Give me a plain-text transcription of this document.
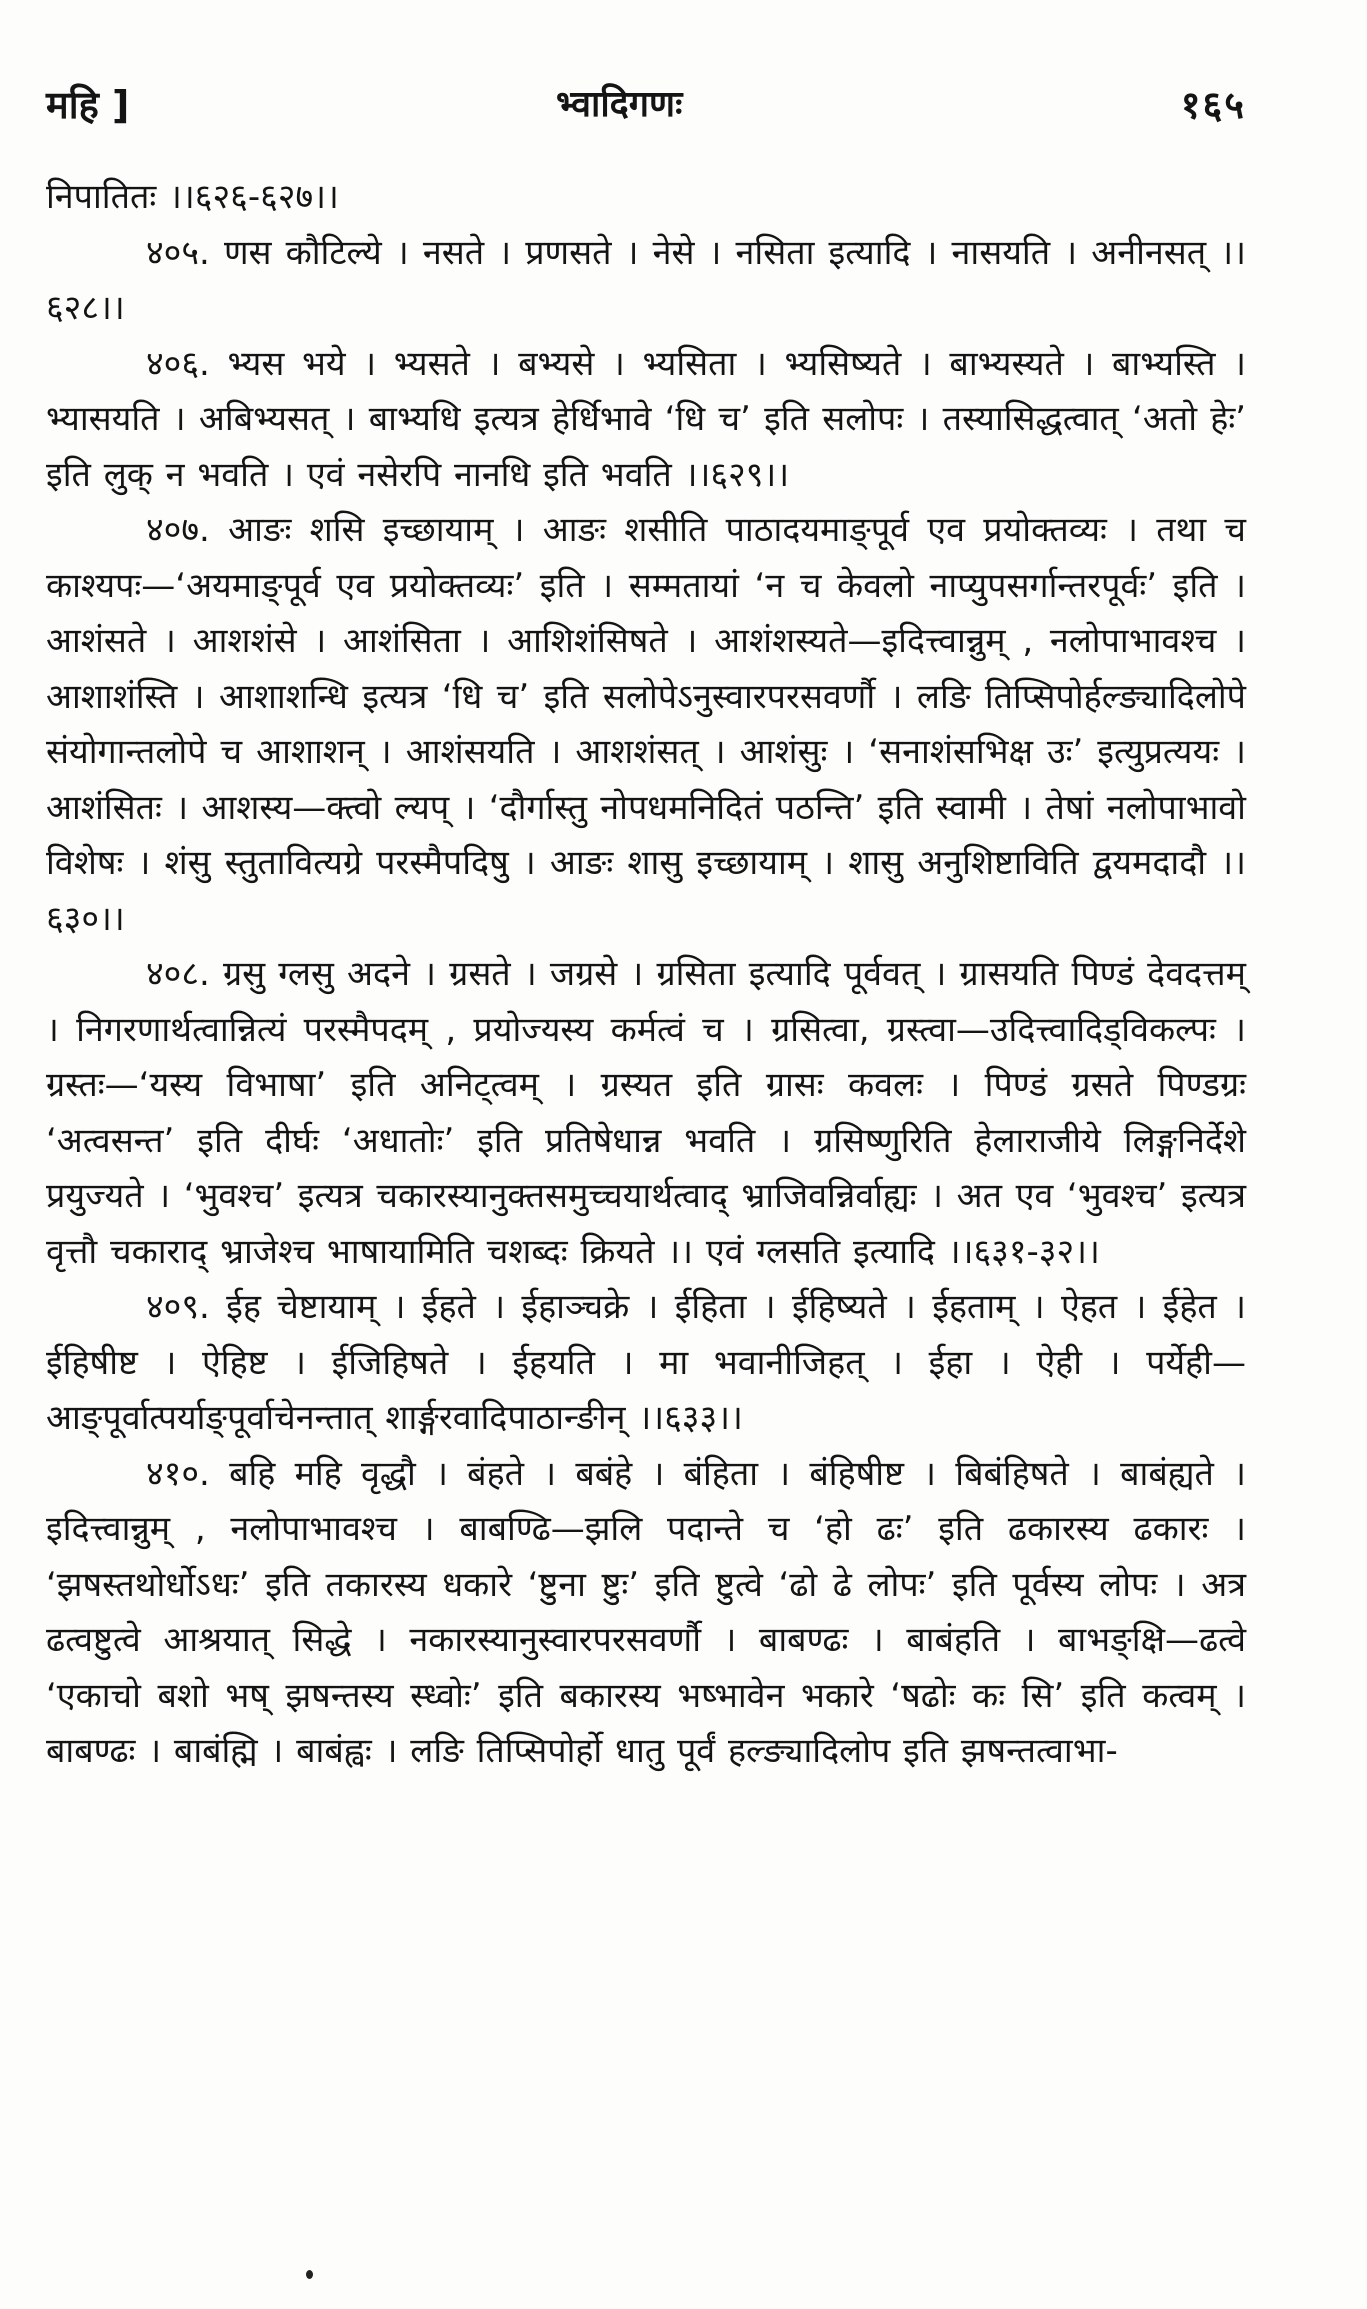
महि ]	भ्वादिगणः	१६५

निपातितः ।।६२६-६२७।।

४०५. णस कौटिल्ये । नसते । प्रणसते । नेसे । नसिता इत्यादि । नासयति । अनीनसत् ।।६२८।।

४०६. भ्यस भये । भ्यसते । बभ्यसे । भ्यसिता । भ्यसिष्यते । बाभ्यस्यते । बाभ्यस्ति । भ्यासयति । अबिभ्यसत् । बाभ्यधि इत्यत्र हेर्धिभावे ‘धि च’ इति सलोपः । तस्यासिद्धत्वात् ‘अतो हेः’ इति लुक् न भवति । एवं नसेरपि नानधि इति भवति ।।६२९।।

४०७. आङः शसि इच्छायाम् । आङः शसीति पाठादयमाङ्पूर्व एव प्रयोक्तव्यः । तथा च काश्यपः—‘अयमाङ्पूर्व एव प्रयोक्तव्यः’ इति । सम्मतायां ‘न च केवलो नाप्युपसर्गान्तरपूर्वः’ इति । आशंसते । आशशंसे । आशंसिता । आशिशंसिषते । आशंशस्यते—इदित्त्वान्नुम् , नलोपाभावश्च । आशाशंस्ति । आशाशन्धि इत्यत्र ‘धि च’ इति सलोपेऽनुस्वारपरसवर्णौ । लङि तिप्सिपोर्हल्ङ्यादिलोपे संयोगान्तलोपे च आशाशन् । आशंसयति । आशशंसत् । आशंसुः । ‘सनाशंसभिक्ष उः’ इत्युप्रत्ययः । आशंसितः । आशस्य—क्त्वो ल्यप् । ‘दौर्गास्तु नोपधमनिदितं पठन्ति’ इति स्वामी । तेषां नलोपाभावो विशेषः । शंसु स्तुतावित्यग्रे परस्मैपदिषु । आङः शासु इच्छायाम् । शासु अनुशिष्टाविति द्वयमदादौ ।।६३०।।

४०८. ग्रसु ग्लसु अदने । ग्रसते । जग्रसे । ग्रसिता इत्यादि पूर्ववत् । ग्रासयति पिण्डं देवदत्तम् । निगरणार्थत्वान्नित्यं परस्मैपदम् , प्रयोज्यस्य कर्मत्वं च । ग्रसित्वा, ग्रस्त्वा—उदित्त्वादिड्विकल्पः । ग्रस्तः—‘यस्य विभाषा’ इति अनिट्त्वम् । ग्रस्यत इति ग्रासः कवलः । पिण्डं ग्रसते पिण्डग्रः ‘अत्वसन्त’ इति दीर्घः ‘अधातोः’ इति प्रतिषेधान्न भवति । ग्रसिष्णुरिति हेलाराजीये लिङ्गनिर्देशे प्रयुज्यते । ‘भुवश्च’ इत्यत्र चकारस्यानुक्तसमुच्चयार्थत्वाद् भ्राजिवन्निर्वाह्यः । अत एव ‘भुवश्च’ इत्यत्र वृत्तौ चकाराद् भ्राजेश्च भाषायामिति चशब्दः क्रियते ।। एवं ग्लसति इत्यादि ।।६३१-३२।।

४०९. ईह चेष्टायाम् । ईहते । ईहाञ्चक्रे । ईहिता । ईहिष्यते । ईहताम् । ऐहत । ईहेत । ईहिषीष्ट । ऐहिष्ट । ईजिहिषते । ईहयति । मा भवानीजिहत् । ईहा । ऐही । पर्येही—आङ्पूर्वात्पर्याङ्पूर्वाचेनन्तात् शार्ङ्गरवादिपाठान्ङीन् ।।६३३।।

४१०. बहि महि वृद्धौ । बंहते । बबंहे । बंहिता । बंहिषीष्ट । बिबंहिषते । बाबंह्यते । इदित्त्वान्नुम् , नलोपाभावश्च । बाबण्ढि—झलि पदान्ते च ‘हो ढः’ इति ढकारस्य ढकारः । ‘झषस्तथोर्धोऽधः’ इति तकारस्य धकारे ‘ष्टुना ष्टुः’ इति ष्टुत्वे ‘ढो ढे लोपः’ इति पूर्वस्य लोपः । अत्र ढत्वष्टुत्वे आश्रयात् सिद्धे । नकारस्यानुस्वारपरसवर्णौ । बाबण्ढः । बाबंहति । बाभङ्क्षि—ढत्वे ‘एकाचो बशो भष् झषन्तस्य स्ध्वोः’ इति बकारस्य भष्भावेन भकारे ‘षढोः कः सि’ इति कत्वम् । बाबण्ढः । बाबंह्मि । बाबंह्वः । लङि तिप्सिपोर्हो धातु पूर्वं हल्ङ्यादिलोप इति झषन्तत्वाभा-
